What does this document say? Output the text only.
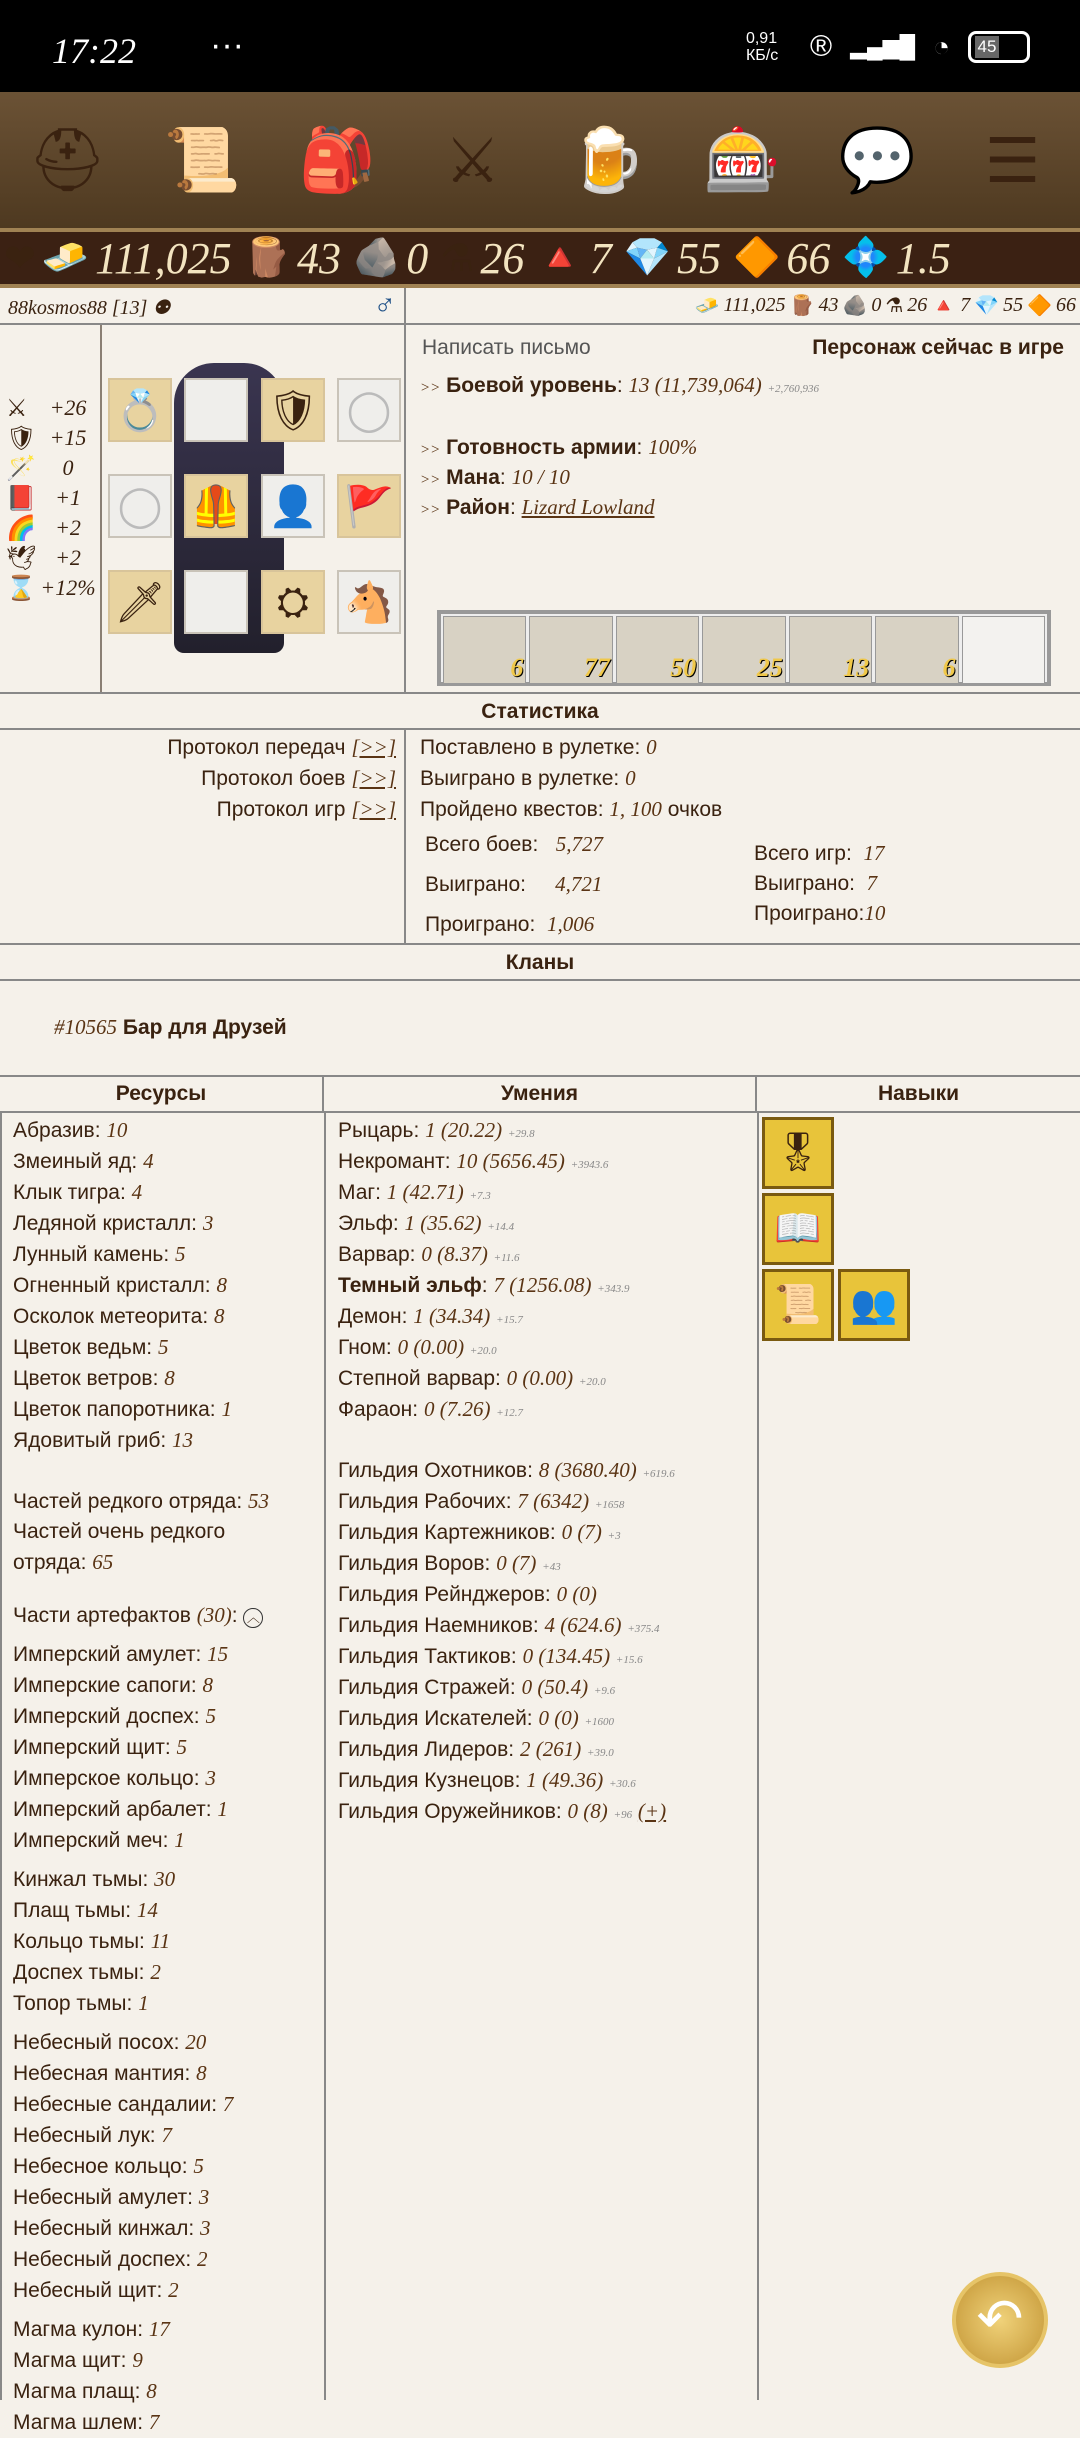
17:22 ···	0,91 КБ/с	® ▂▄▆█ ◔ 45
⛑ 📜 🎒 ⚔ 🍺 🎰 💬 ☰
❤ 🧈 111,025 🪵 43 🪨 0 ⚗ 26 🔺 7 💎 55 🔶 66 💠 1.5
88kosmos88 [13] ⚉	♂	🧈 111,025 🪵 43 🪨 0 ⚗ 26 🔺 7 💎 55 🔶 66
⚔	+26
🛡 +15
🪄	0
📕 +1
🌈 +2
🕊 +2
⌛ +12%
💍	🛡 ◯
◯ 🦺 👤 🚩
🗡	⛭ 🐴
Написать письмо	Персонаж сейчас в игре
>> Боевой уровень: 13 (11,739,064) +2,760,936
>> Готовность армии: 100%
>> Мана: 10 / 10
>> Район: Lizard Lowland
6 77 50 25 13	6
Статистика
Протокол передач [>>]
Протокол боев [>>]
Протокол игр [>>]
Поставлено в рулетке: 0
Выиграно в рулетке: 0
Пройдено квестов: 1, 100 очков
Всего боев:   5,727
Выиграно:     4,721
Проиграно:  1,006
Всего игр:  17
Выиграно:  7
Проиграно:10
Кланы
#10565 Бар для Друзей
Ресурсы	Умения	Навыки
Абразив: 10
Змеиный яд: 4
Клык тигра: 4
Ледяной кристалл: 3
Лунный камень: 5
Огненный кристалл: 8
Осколок метеорита: 8
Цветок ведьм: 5
Цветок ветров: 8
Цветок папоротника: 1
Ядовитый гриб: 13
Частей редкого отряда: 53
Частей очень редкого отряда: 65
Части артефактов (30): ︿
Имперский амулет: 15
Имперские сапоги: 8
Имперский доспех: 5
Имперский щит: 5
Имперское кольцо: 3
Имперский арбалет: 1
Имперский меч: 1
Кинжал тьмы: 30
Плащ тьмы: 14
Кольцо тьмы: 11
Доспех тьмы: 2
Топор тьмы: 1
Небесный посох: 20
Небесная мантия: 8
Небесные сандалии: 7
Небесный лук: 7
Небесное кольцо: 5
Небесный амулет: 3
Небесный кинжал: 3
Небесный доспех: 2
Небесный щит: 2
Магма кулон: 17
Магма щит: 9
Магма плащ: 8
Магма шлем: 7
Рыцарь: 1 (20.22) +29.8
Некромант: 10 (5656.45) +3943.6
Маг: 1 (42.71) +7.3
Эльф: 1 (35.62) +14.4
Варвар: 0 (8.37) +11.6
Темный эльф: 7 (1256.08) +343.9
Демон: 1 (34.34) +15.7
Гном: 0 (0.00) +20.0
Степной варвар: 0 (0.00) +20.0
Фараон: 0 (7.26) +12.7
Гильдия Охотников: 8 (3680.40) +619.6
Гильдия Рабочих: 7 (6342) +1658
Гильдия Картежников: 0 (7) +3
Гильдия Воров: 0 (7) +43
Гильдия Рейнджеров: 0 (0)
Гильдия Наемников: 4 (624.6) +375.4
Гильдия Тактиков: 0 (134.45) +15.6
Гильдия Стражей: 0 (50.4) +9.6
Гильдия Искателей: 0 (0) +1600
Гильдия Лидеров: 2 (261) +39.0
Гильдия Кузнецов: 1 (49.36) +30.6
Гильдия Оружейников: 0 (8) +96 (+)
🎖
📖
📜 👥
↶
